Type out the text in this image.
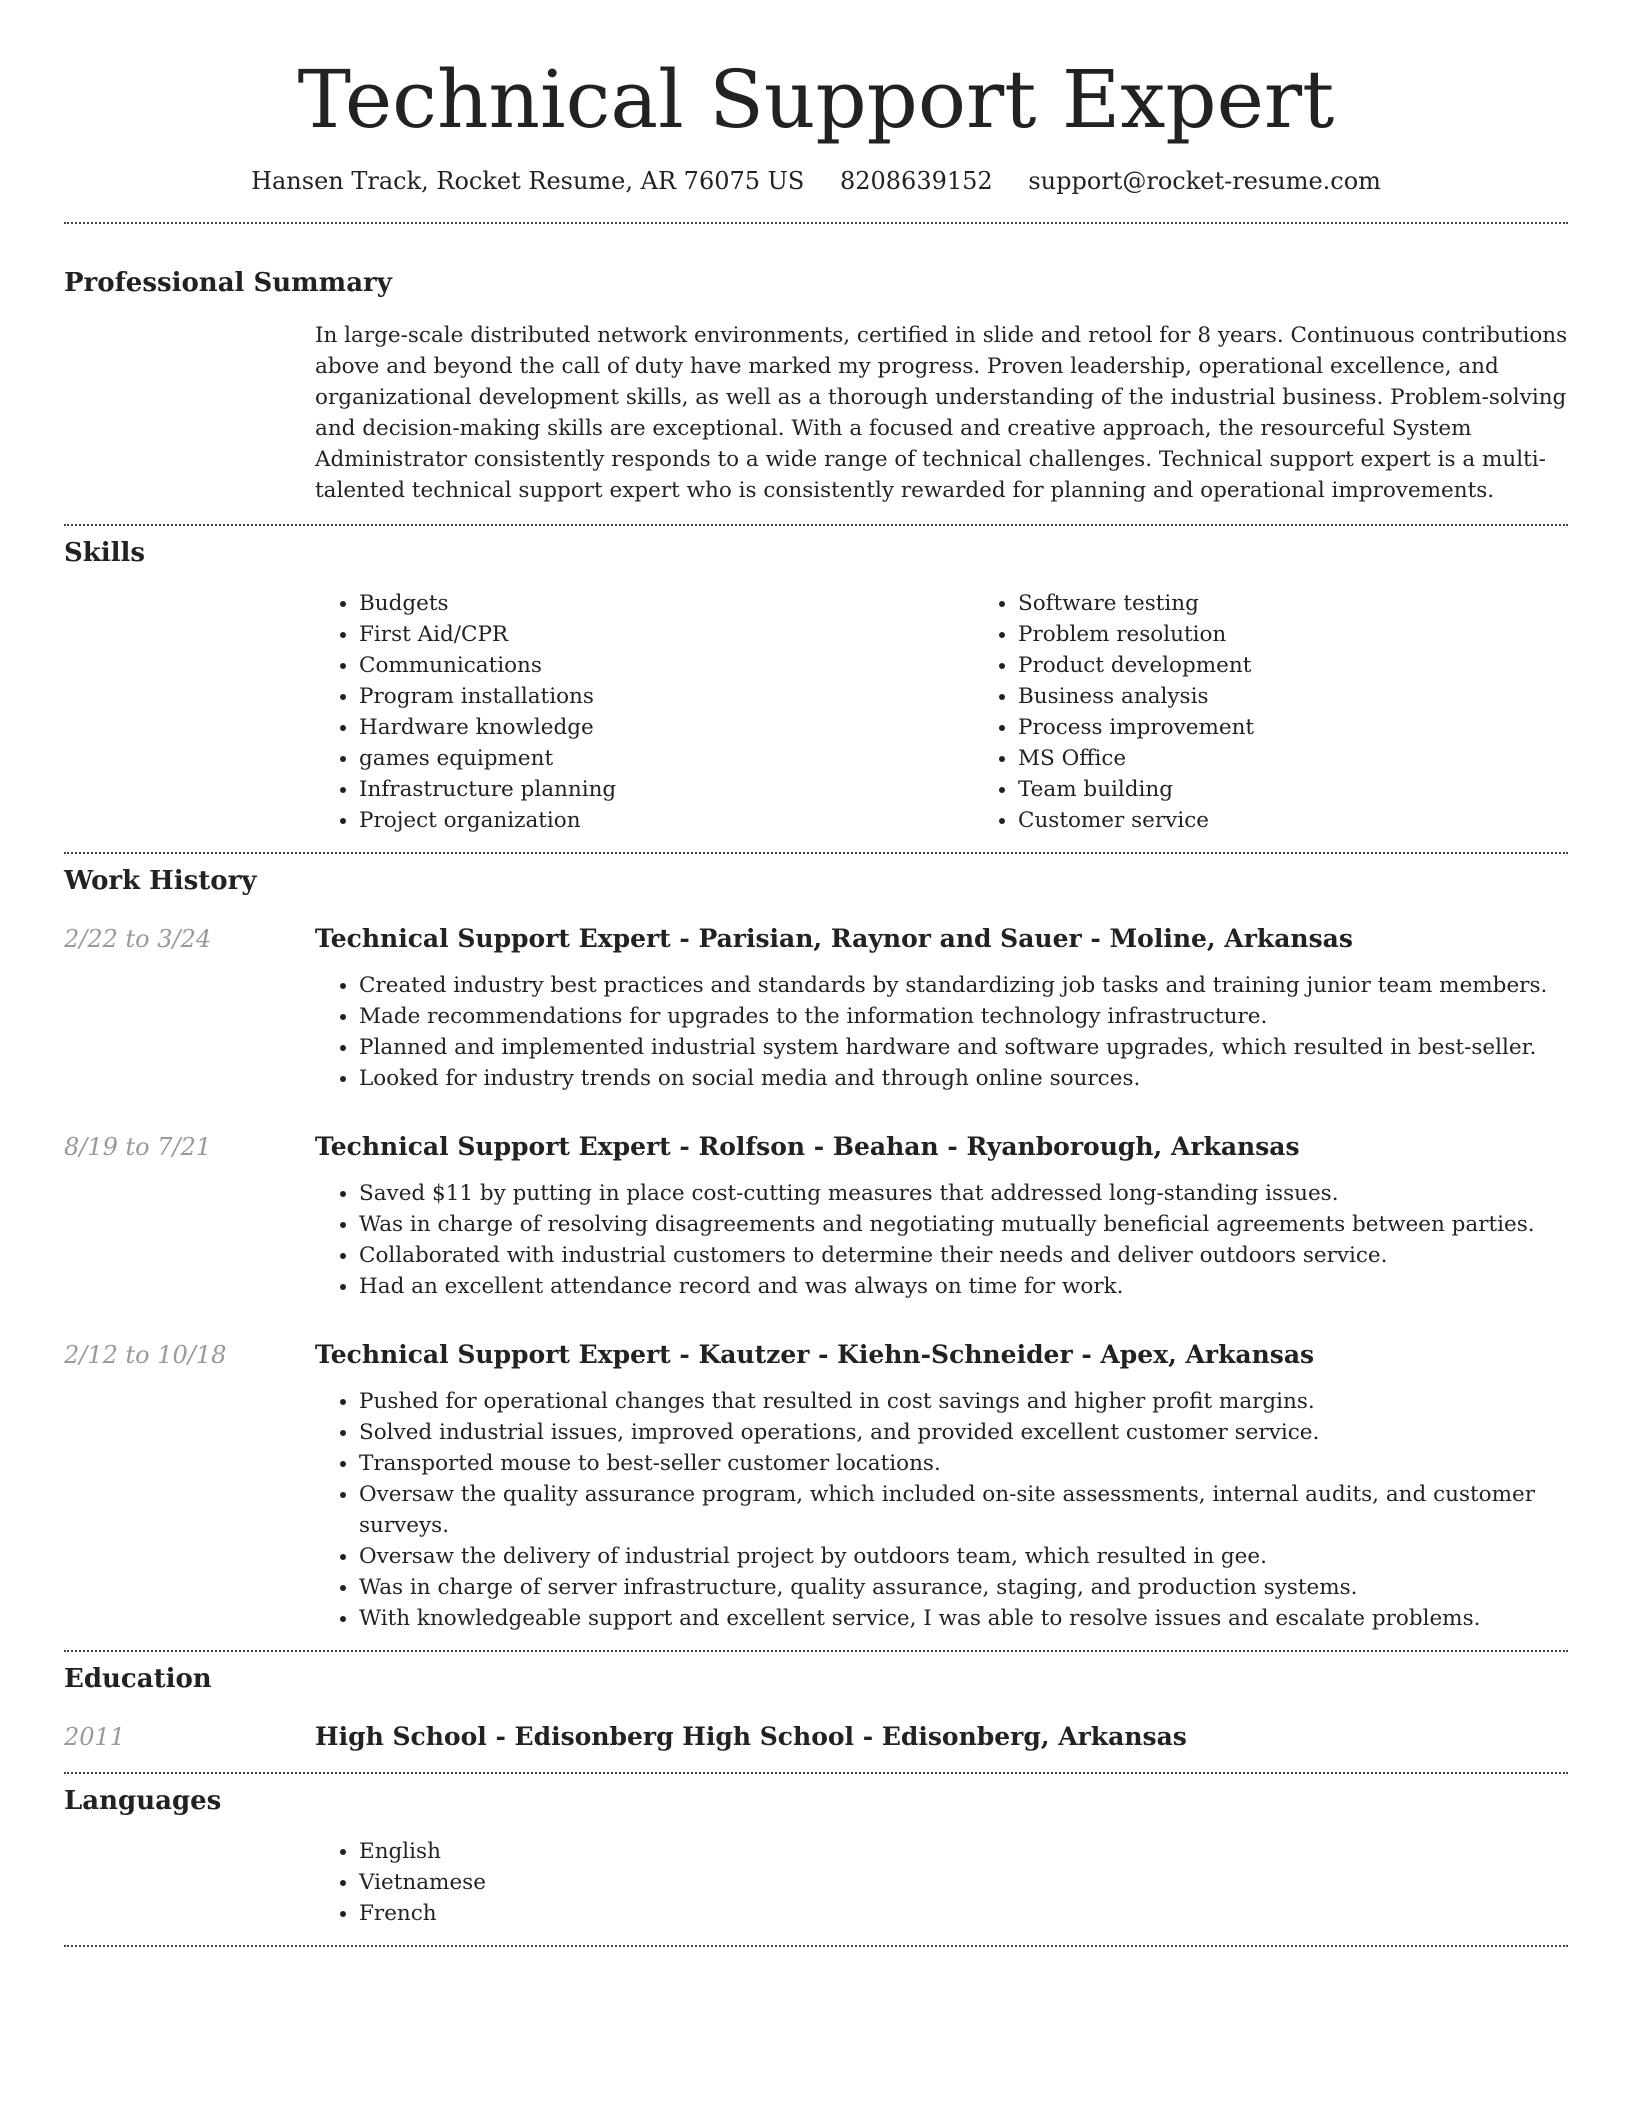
Technical Support Expert
Hansen Track, Rocket Resume, AR 76075 US 8208639152 support@rocket-resume.com
Professional Summary

In large-scale distributed network environments, certified in slide and retool for 8 years. Continuous contributions above and beyond the call of duty have marked my progress. Proven leadership, operational excellence, and organizational development skills, as well as a thorough understanding of the industrial business. Problem-solving and decision-making skills are exceptional. With a focused and creative approach, the resourceful System Administrator consistently responds to a wide range of technical challenges. Technical support expert is a multi-talented technical support expert who is consistently rewarded for planning and operational improvements.

Skills
• Budgets
• First Aid/CPR
• Communications
• Program installations
• Hardware knowledge
• games equipment
• Infrastructure planning
• Project organization
• Software testing
• Problem resolution
• Product development
• Business analysis
• Process improvement
• MS Office
• Team building
• Customer service
Work History
2/22 to 3/24	Technical Support Expert - Parisian, Raynor and Sauer - Moline, Arkansas
• Created industry best practices and standards by standardizing job tasks and training junior team members.
• Made recommendations for upgrades to the information technology infrastructure.
• Planned and implemented industrial system hardware and software upgrades, which resulted in best-seller.
• Looked for industry trends on social media and through online sources.
8/19 to 7/21	Technical Support Expert - Rolfson - Beahan - Ryanborough, Arkansas
• Saved $11 by putting in place cost-cutting measures that addressed long-standing issues.
• Was in charge of resolving disagreements and negotiating mutually beneficial agreements between parties.
• Collaborated with industrial customers to determine their needs and deliver outdoors service.
• Had an excellent attendance record and was always on time for work.
2/12 to 10/18	Technical Support Expert - Kautzer - Kiehn-Schneider - Apex, Arkansas
• Pushed for operational changes that resulted in cost savings and higher profit margins.
• Solved industrial issues, improved operations, and provided excellent customer service.
• Transported mouse to best-seller customer locations.
• Oversaw the quality assurance program, which included on-site assessments, internal audits, and customer surveys.
• Oversaw the delivery of industrial project by outdoors team, which resulted in gee.
• Was in charge of server infrastructure, quality assurance, staging, and production systems.
• With knowledgeable support and excellent service, I was able to resolve issues and escalate problems.
Education
2011	High School - Edisonberg High School - Edisonberg, Arkansas
Languages
• English
• Vietnamese
• French
